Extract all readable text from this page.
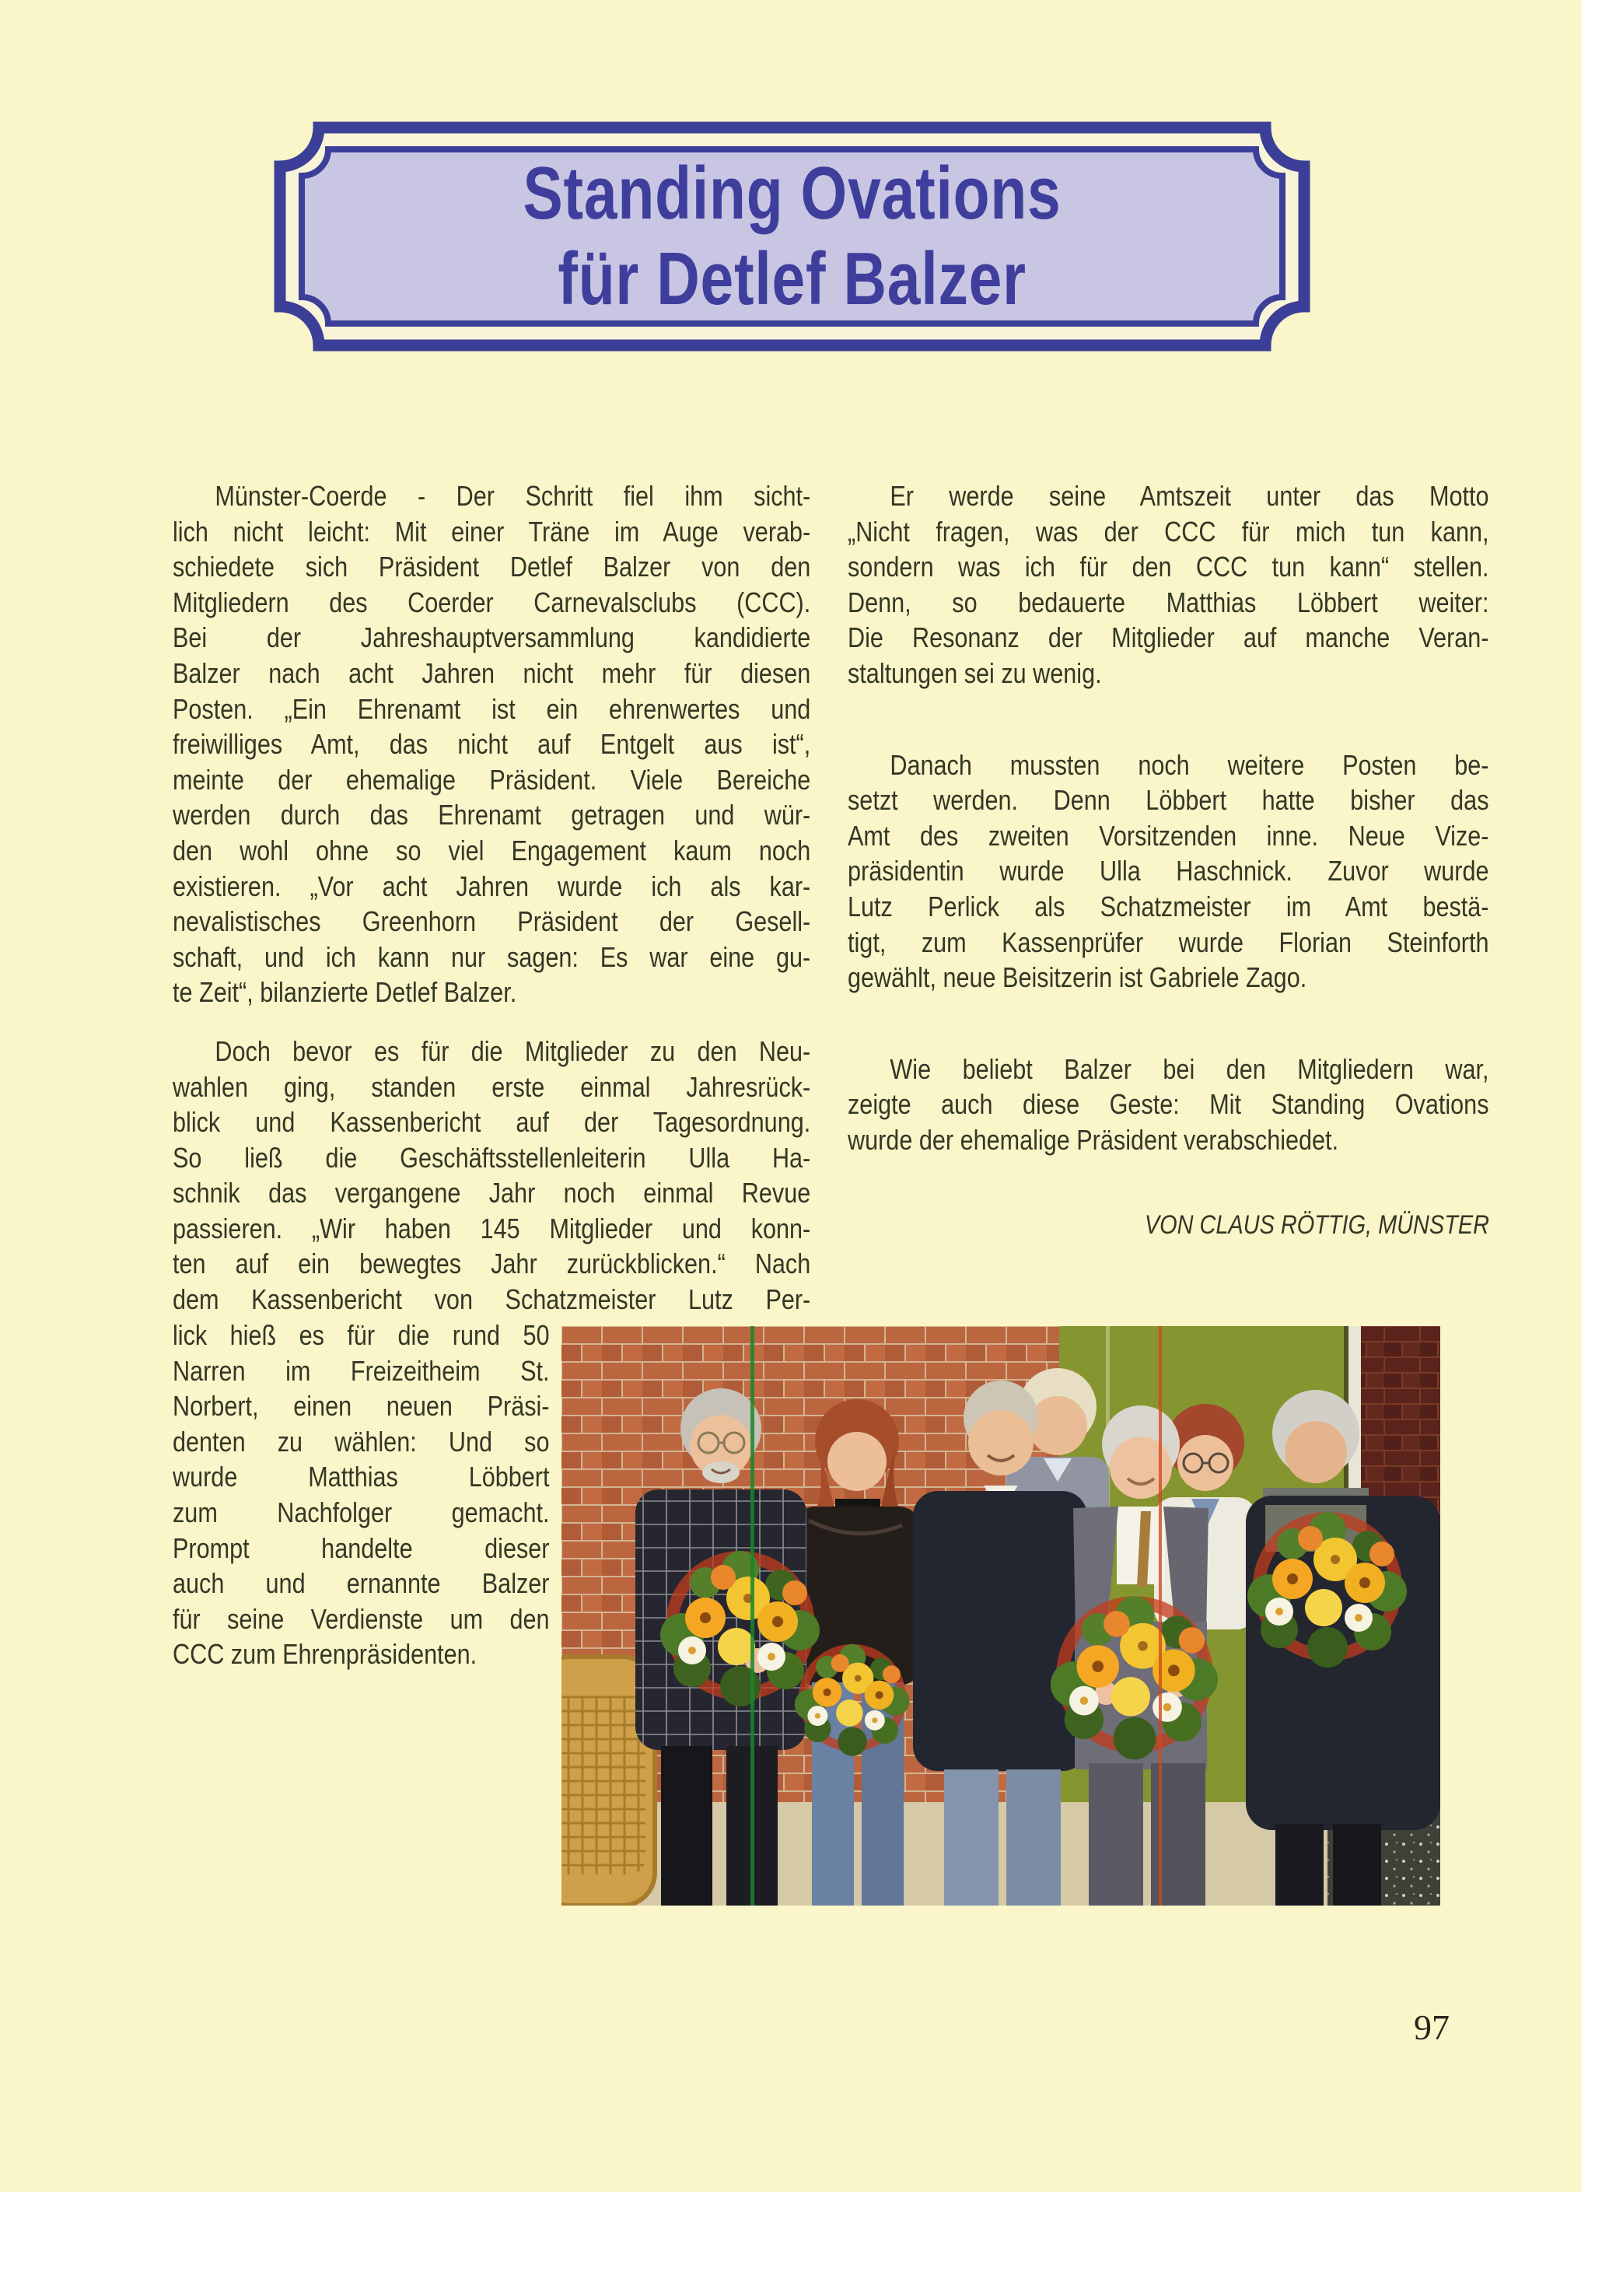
Standing Ovations
für Detlef Balzer
Münster-Coerde - Der Schritt fiel ihm sicht-
lich nicht leicht: Mit einer Träne im Auge verab-
schiedete sich Präsident Detlef Balzer von den
Mitgliedern des Coerder Carnevalsclubs (CCC).
Bei der Jahreshauptversammlung kandidierte
Balzer nach acht Jahren nicht mehr für diesen
Posten. „Ein Ehrenamt ist ein ehrenwertes und
freiwilliges Amt, das nicht auf Entgelt aus ist“,
meinte der ehemalige Präsident. Viele Bereiche
werden durch das Ehrenamt getragen und wür-
den wohl ohne so viel Engagement kaum noch
existieren. „Vor acht Jahren wurde ich als kar-
nevalistisches Greenhorn Präsident der Gesell-
schaft, und ich kann nur sagen: Es war eine gu-
te Zeit“, bilanzierte Detlef Balzer.
Doch bevor es für die Mitglieder zu den Neu-
wahlen ging, standen erste einmal Jahresrück-
blick und Kassenbericht auf der Tagesordnung.
So ließ die Geschäftsstellenleiterin Ulla Ha-
schnik das vergangene Jahr noch einmal Revue
passieren. „Wir haben 145 Mitglieder und konn-
ten auf ein bewegtes Jahr zurückblicken.“ Nach
dem Kassenbericht von Schatzmeister Lutz Per-
lick hieß es für die rund 50
Narren im Freizeitheim St.
Norbert, einen neuen Präsi-
denten zu wählen: Und so
wurde Matthias Löbbert
zum Nachfolger gemacht.
Prompt handelte dieser
auch und ernannte Balzer
für seine Verdienste um den
CCC zum Ehrenpräsidenten.
Er werde seine Amtszeit unter das Motto
„Nicht fragen, was der CCC für mich tun kann,
sondern was ich für den CCC tun kann“ stellen.
Denn, so bedauerte Matthias Löbbert weiter:
Die Resonanz der Mitglieder auf manche Veran-
staltungen sei zu wenig.
Danach mussten noch weitere Posten be-
setzt werden. Denn Löbbert hatte bisher das
Amt des zweiten Vorsitzenden inne. Neue Vize-
präsidentin wurde Ulla Haschnick. Zuvor wurde
Lutz Perlick als Schatzmeister im Amt bestä-
tigt, zum Kassenprüfer wurde Florian Steinforth
gewählt, neue Beisitzerin ist Gabriele Zago.
Wie beliebt Balzer bei den Mitgliedern war,
zeigte auch diese Geste: Mit Standing Ovations
wurde der ehemalige Präsident verabschiedet.
VON CLAUS RÖTTIG, MÜNSTER
97
